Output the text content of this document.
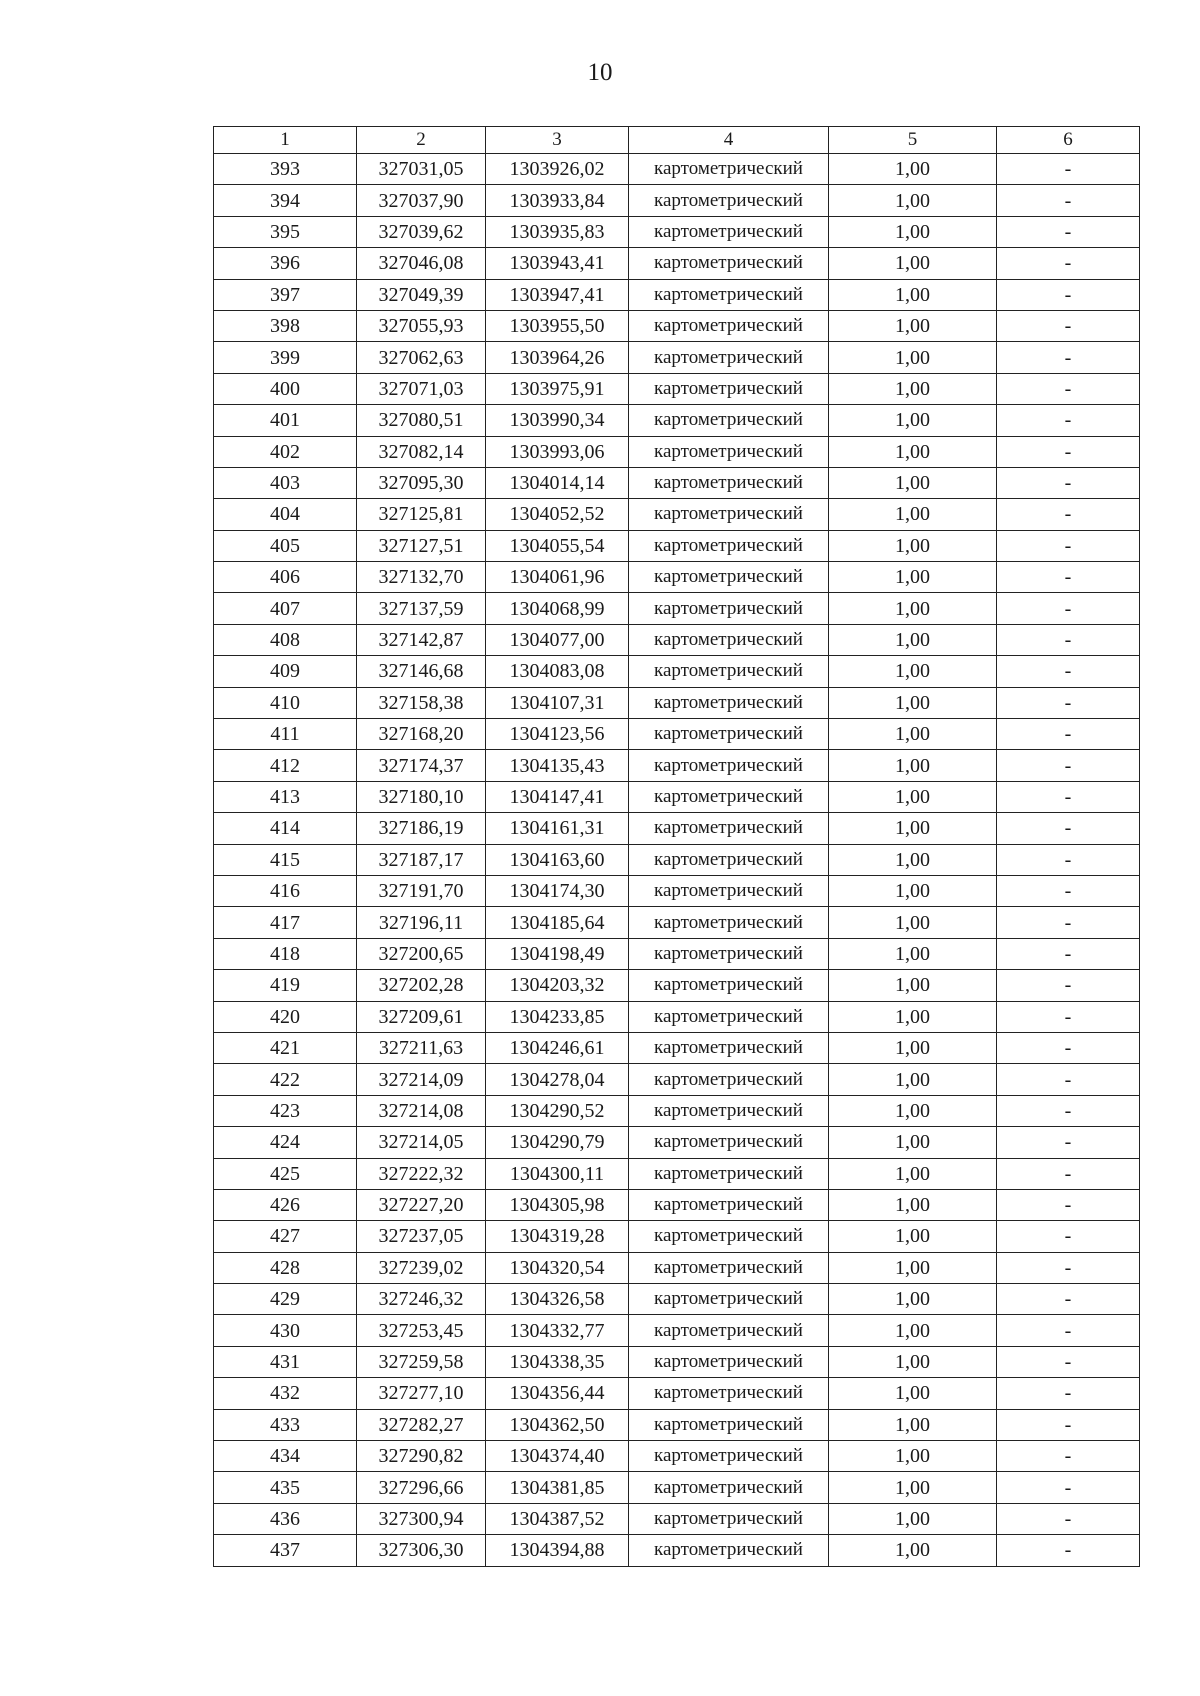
10
1	2	3	4	5	6
393	327031,05	1303926,02	картометрический	1,00	-
394	327037,90	1303933,84	картометрический	1,00	-
395	327039,62	1303935,83	картометрический	1,00	-
396	327046,08	1303943,41	картометрический	1,00	-
397	327049,39	1303947,41	картометрический	1,00	-
398	327055,93	1303955,50	картометрический	1,00	-
399	327062,63	1303964,26	картометрический	1,00	-
400	327071,03	1303975,91	картометрический	1,00	-
401	327080,51	1303990,34	картометрический	1,00	-
402	327082,14	1303993,06	картометрический	1,00	-
403	327095,30	1304014,14	картометрический	1,00	-
404	327125,81	1304052,52	картометрический	1,00	-
405	327127,51	1304055,54	картометрический	1,00	-
406	327132,70	1304061,96	картометрический	1,00	-
407	327137,59	1304068,99	картометрический	1,00	-
408	327142,87	1304077,00	картометрический	1,00	-
409	327146,68	1304083,08	картометрический	1,00	-
410	327158,38	1304107,31	картометрический	1,00	-
411	327168,20	1304123,56	картометрический	1,00	-
412	327174,37	1304135,43	картометрический	1,00	-
413	327180,10	1304147,41	картометрический	1,00	-
414	327186,19	1304161,31	картометрический	1,00	-
415	327187,17	1304163,60	картометрический	1,00	-
416	327191,70	1304174,30	картометрический	1,00	-
417	327196,11	1304185,64	картометрический	1,00	-
418	327200,65	1304198,49	картометрический	1,00	-
419	327202,28	1304203,32	картометрический	1,00	-
420	327209,61	1304233,85	картометрический	1,00	-
421	327211,63	1304246,61	картометрический	1,00	-
422	327214,09	1304278,04	картометрический	1,00	-
423	327214,08	1304290,52	картометрический	1,00	-
424	327214,05	1304290,79	картометрический	1,00	-
425	327222,32	1304300,11	картометрический	1,00	-
426	327227,20	1304305,98	картометрический	1,00	-
427	327237,05	1304319,28	картометрический	1,00	-
428	327239,02	1304320,54	картометрический	1,00	-
429	327246,32	1304326,58	картометрический	1,00	-
430	327253,45	1304332,77	картометрический	1,00	-
431	327259,58	1304338,35	картометрический	1,00	-
432	327277,10	1304356,44	картометрический	1,00	-
433	327282,27	1304362,50	картометрический	1,00	-
434	327290,82	1304374,40	картометрический	1,00	-
435	327296,66	1304381,85	картометрический	1,00	-
436	327300,94	1304387,52	картометрический	1,00	-
437	327306,30	1304394,88	картометрический	1,00	-
